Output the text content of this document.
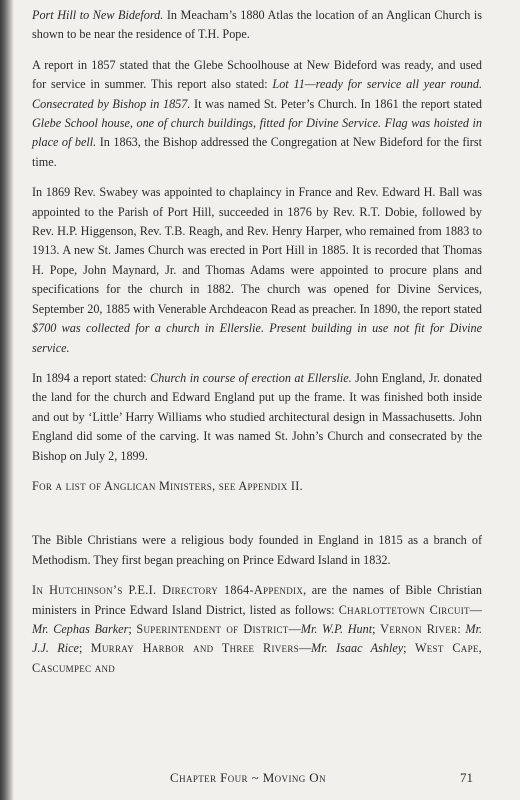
Port Hill to New Bideford. In Meacham’s 1880 Atlas the location of an Anglican Church is shown to be near the residence of T.H. Pope.

A report in 1857 stated that the Glebe Schoolhouse at New Bideford was ready, and used for service in summer. This report also stated: Lot 11—ready for service all year round. Consecrated by Bishop in 1857. It was named St. Peter’s Church. In 1861 the report stated Glebe School house, one of church buildings, fitted for Divine Service. Flag was hoisted in place of bell. In 1863, the Bishop addressed the Congregation at New Bideford for the first time.

In 1869 Rev. Swabey was appointed to chaplaincy in France and Rev. Edward H. Ball was appointed to the Parish of Port Hill, succeeded in 1876 by Rev. R.T. Dobie, followed by Rev. H.P. Higgenson, Rev. T.B. Reagh, and Rev. Henry Harper, who remained from 1883 to 1913. A new St. James Church was erected in Port Hill in 1885. It is recorded that Thomas H. Pope, John Maynard, Jr. and Thomas Adams were appointed to procure plans and specifications for the church in 1882. The church was opened for Divine Services, September 20, 1885 with Venerable Archdeacon Read as preacher. In 1890, the report stated $700 was collected for a church in Ellerslie. Present building in use not fit for Divine service.

In 1894 a report stated: Church in course of erection at Ellerslie. John England, Jr. donated the land for the church and Edward England put up the frame. It was finished both inside and out by ‘Little’ Harry Williams who studied architectural design in Massachusetts. John England did some of the carving. It was named St. John’s Church and consecrated by the Bishop on July 2, 1899.

For a list of Anglican Ministers, see Appendix II.

The Bible Christians were a religious body founded in England in 1815 as a branch of Methodism. They first began preaching on Prince Edward Island in 1832.

In Hutchinson’s P.E.I. Directory 1864-Appendix, are the names of Bible Christian ministers in Prince Edward Island District, listed as follows: Charlottetown Circuit—Mr. Cephas Barker; Superintendent of District—Mr. W.P. Hunt; Vernon River: Mr. J.J. Rice; Murray Harbor and Three Rivers—Mr. Isaac Ashley; West Cape, Cascumpec and

Chapter Four ~ Moving On	71
